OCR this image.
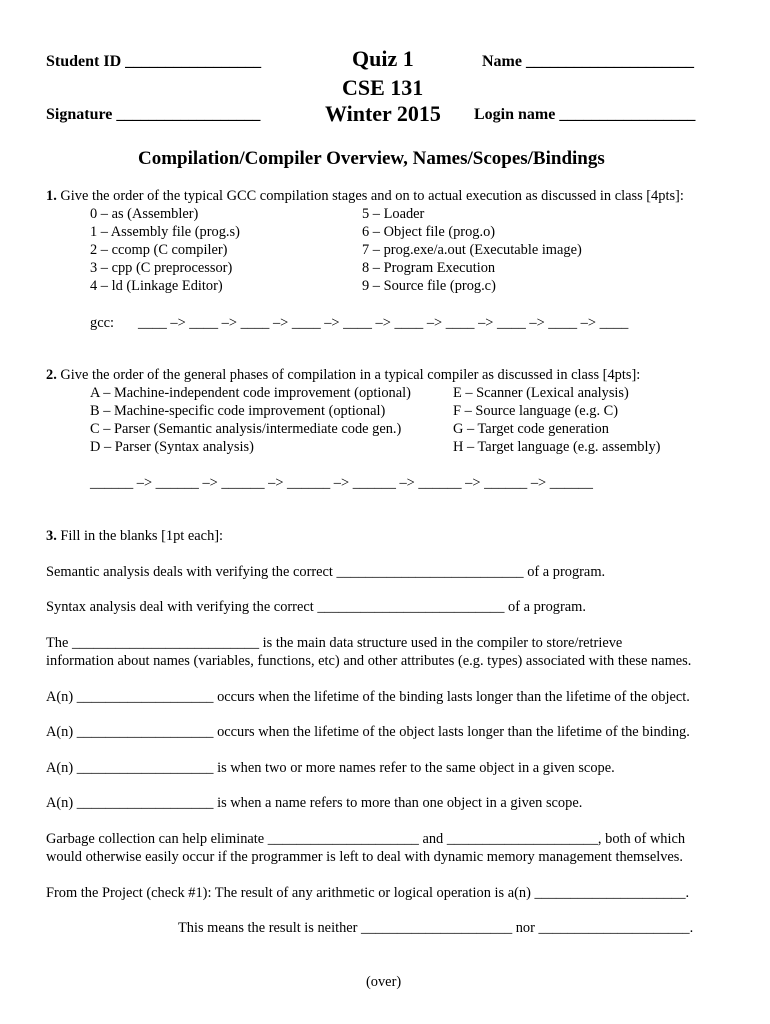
Student ID _________________
Signature __________________
Quiz 1
CSE 131
Winter 2015
Name _____________________
Login name _________________
Compilation/Compiler Overview, Names/Scopes/Bindings
1. Give the order of the typical GCC compilation stages and on to actual execution as discussed in class [4pts]:
0 – as (Assembler)
1 – Assembly file (prog.s)
2 – ccomp (C compiler)
3 – cpp (C preprocessor)
4 – ld (Linkage Editor)
5 – Loader
6 – Object file (prog.o)
7 – prog.exe/a.out (Executable image)
8 – Program Execution
9 – Source file (prog.c)
gcc: ____ –> ____ –> ____ –> ____ –> ____ –> ____ –> ____ –> ____ –> ____ –> ____
2. Give the order of the general phases of compilation in a typical compiler as discussed in class [4pts]:
A – Machine-independent code improvement (optional)
B – Machine-specific code improvement (optional)
C – Parser (Semantic analysis/intermediate code gen.)
D – Parser (Syntax analysis)
E – Scanner (Lexical analysis)
F – Source language (e.g. C)
G – Target code generation
H – Target language (e.g. assembly)
______ –> ______ –> ______ –> ______ –> ______ –> ______ –> ______ –> ______
3. Fill in the blanks [1pt each]:
Semantic analysis deals with verifying the correct __________________________ of a program.
Syntax analysis deal with verifying the correct __________________________ of a program.
The __________________________ is the main data structure used in the compiler to store/retrieve
information about names (variables, functions, etc) and other attributes (e.g. types) associated with these names.
A(n) ___________________ occurs when the lifetime of the binding lasts longer than the lifetime of the object.
A(n) ___________________ occurs when the lifetime of the object lasts longer than the lifetime of the binding.
A(n) ___________________ is when two or more names refer to the same object in a given scope.
A(n) ___________________ is when a name refers to more than one object in a given scope.
Garbage collection can help eliminate _____________________ and _____________________, both of which
would otherwise easily occur if the programmer is left to deal with dynamic memory management themselves.
From the Project (check #1): The result of any arithmetic or logical operation is a(n) _____________________.
This means the result is neither _____________________ nor _____________________.
(over)
